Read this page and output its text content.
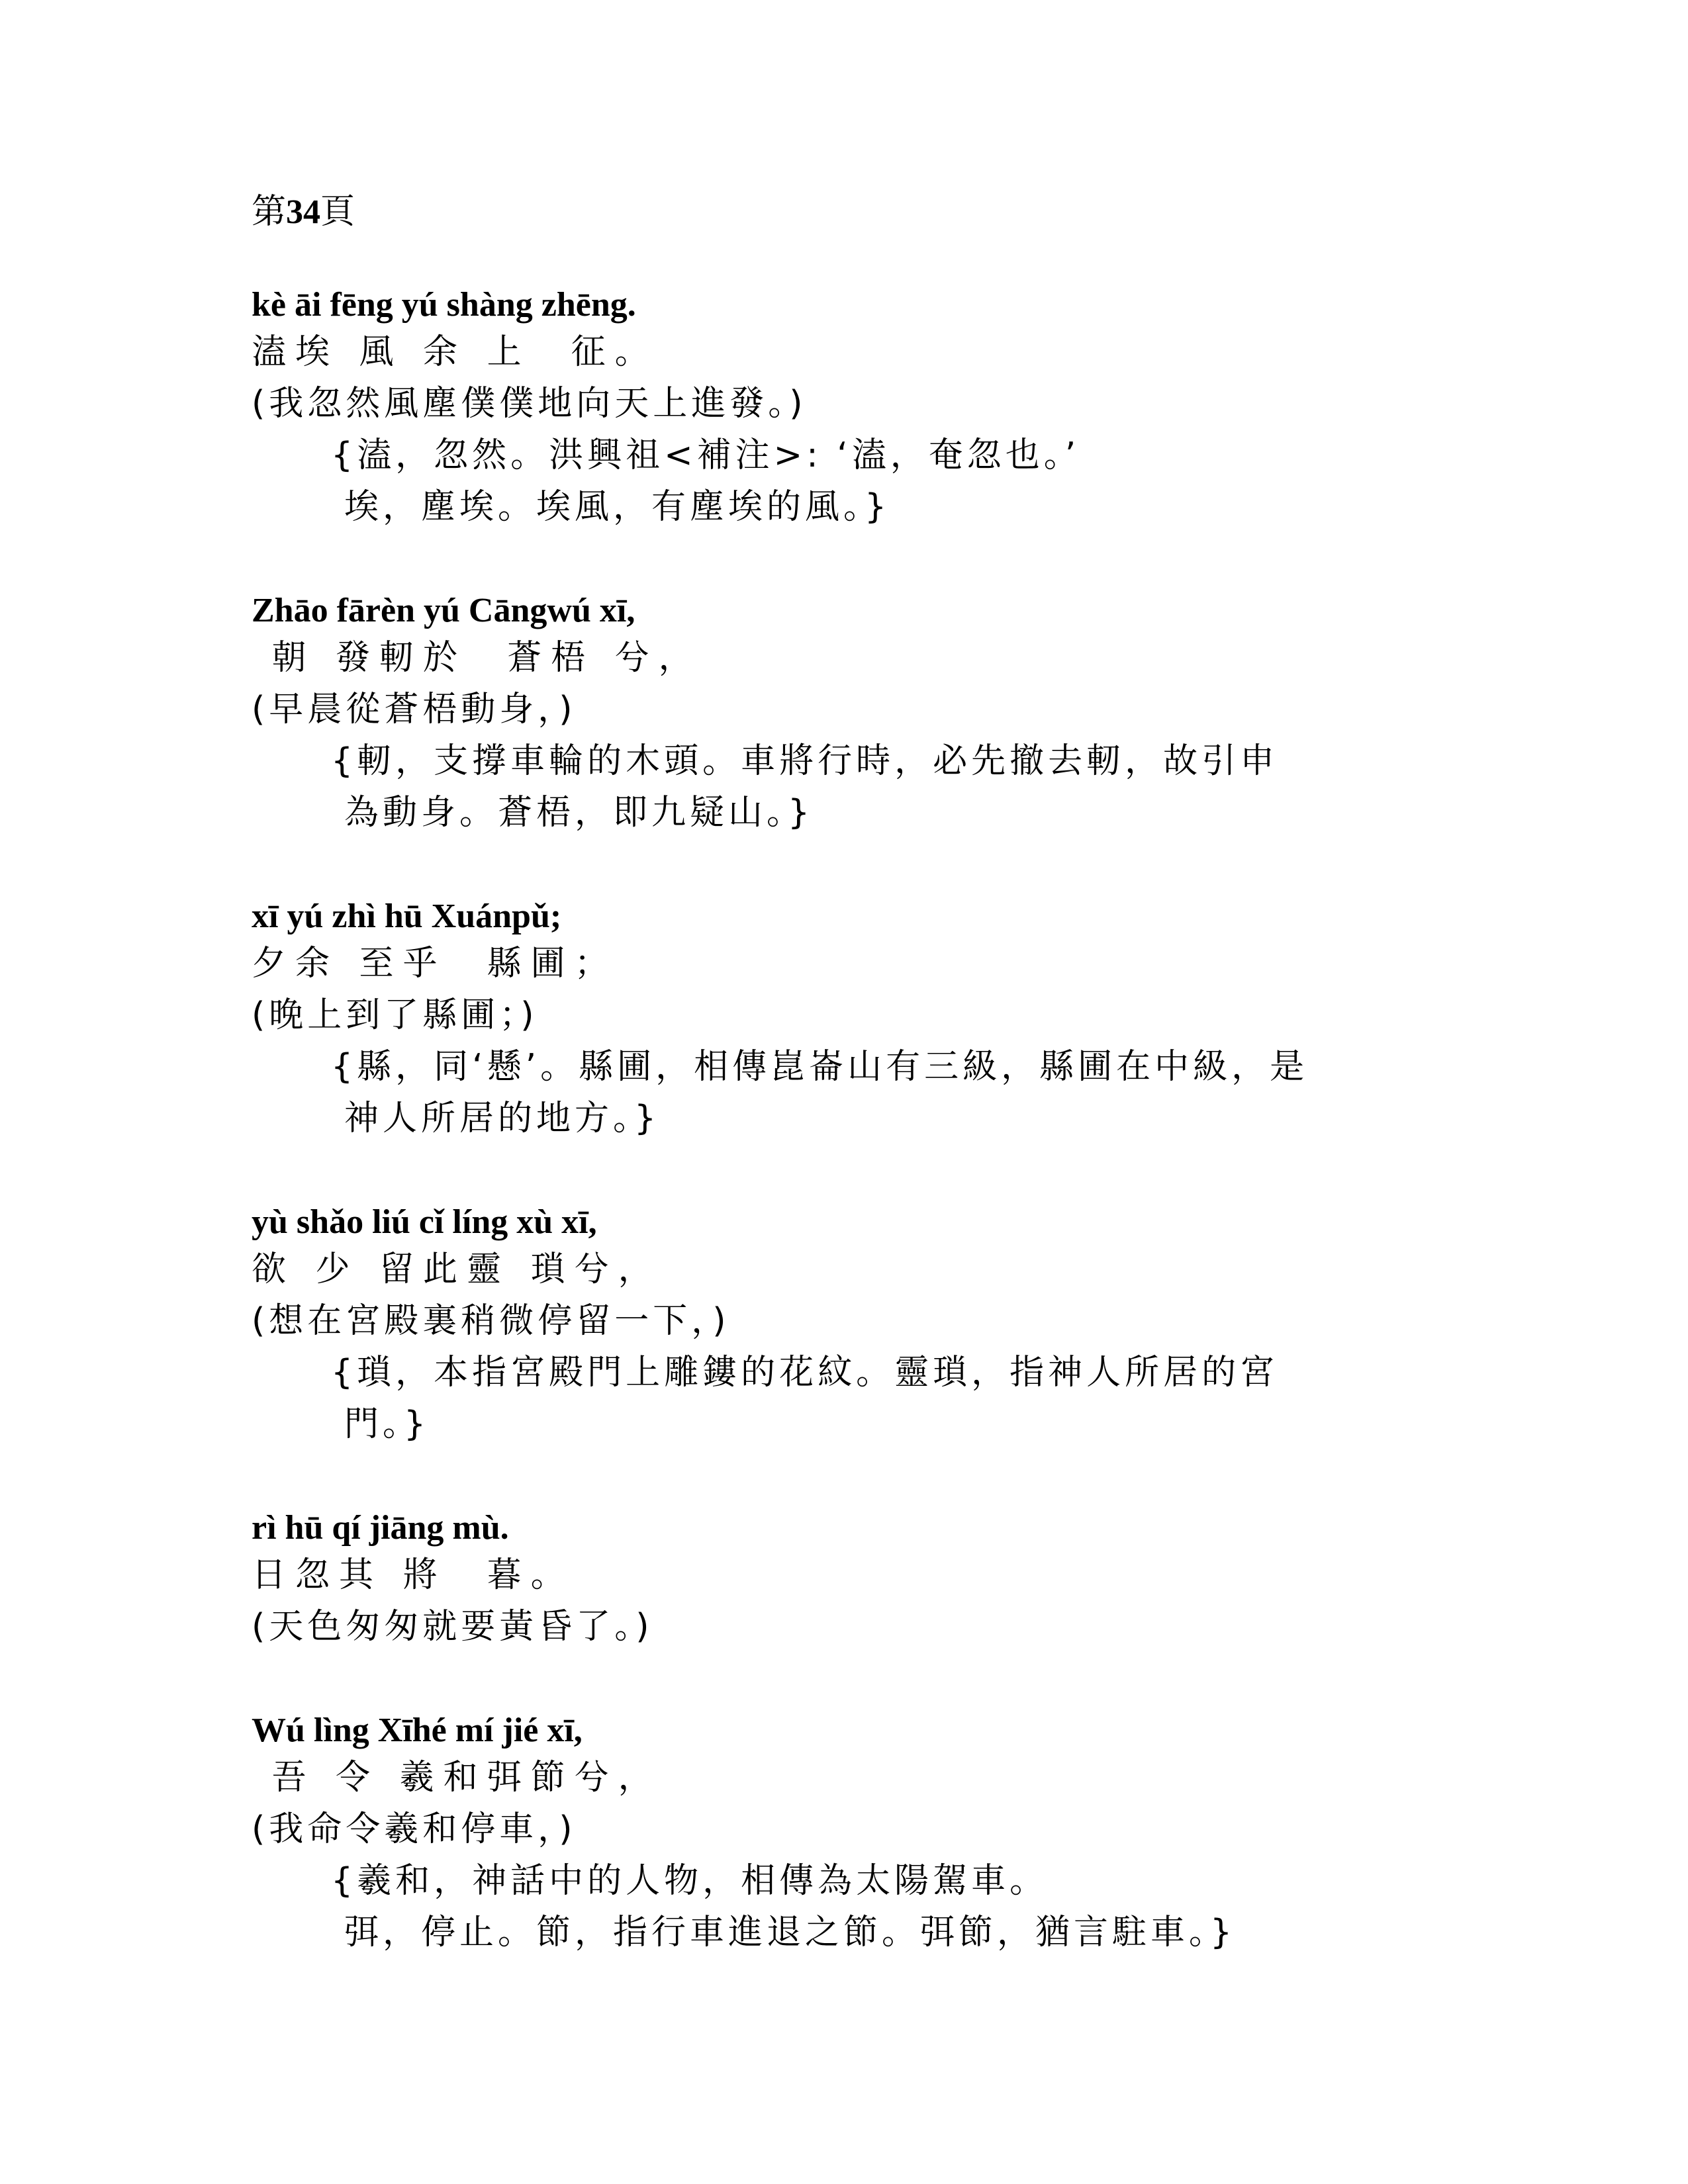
第34頁

kè āi fēng yú shàng zhēng.

溘埃 風 余 上  征。

(我忽然風塵僕僕地向天上進發。)

{溘，忽然。洪興祖<補注>: ‘溘，奄忽也。’
埃，塵埃。埃風，有塵埃的風。}

Zhāo fārèn yú Cāngwú xī,

朝 發軔於  蒼梧 兮，

(早晨從蒼梧動身，)

{軔，支撐車輪的木頭。車將行時，必先撤去軔，故引申
為動身。蒼梧，即九疑山。}

xī yú zhì hū Xuánpǔ;

夕余 至乎  縣圃；

(晚上到了縣圃；)

{縣，同‘懸’。縣圃，相傳崑崙山有三級，縣圃在中級，是
神人所居的地方。}

yù shǎo liú cǐ líng xù xī,

欲 少 留此靈 瑣兮，

(想在宮殿裏稍微停留一下，)

{瑣，本指宮殿門上雕鏤的花紋。靈瑣，指神人所居的宮
門。}

rì hū qí jiāng mù.

日忽其 將  暮。

(天色匆匆就要黃昏了。)

Wú lìng Xīhé mí jié xī,

吾 令 羲和弭節兮，

(我命令羲和停車，)

{羲和，神話中的人物，相傳為太陽駕車。
弭，停止。節，指行車進退之節。弭節，猶言駐車。}
